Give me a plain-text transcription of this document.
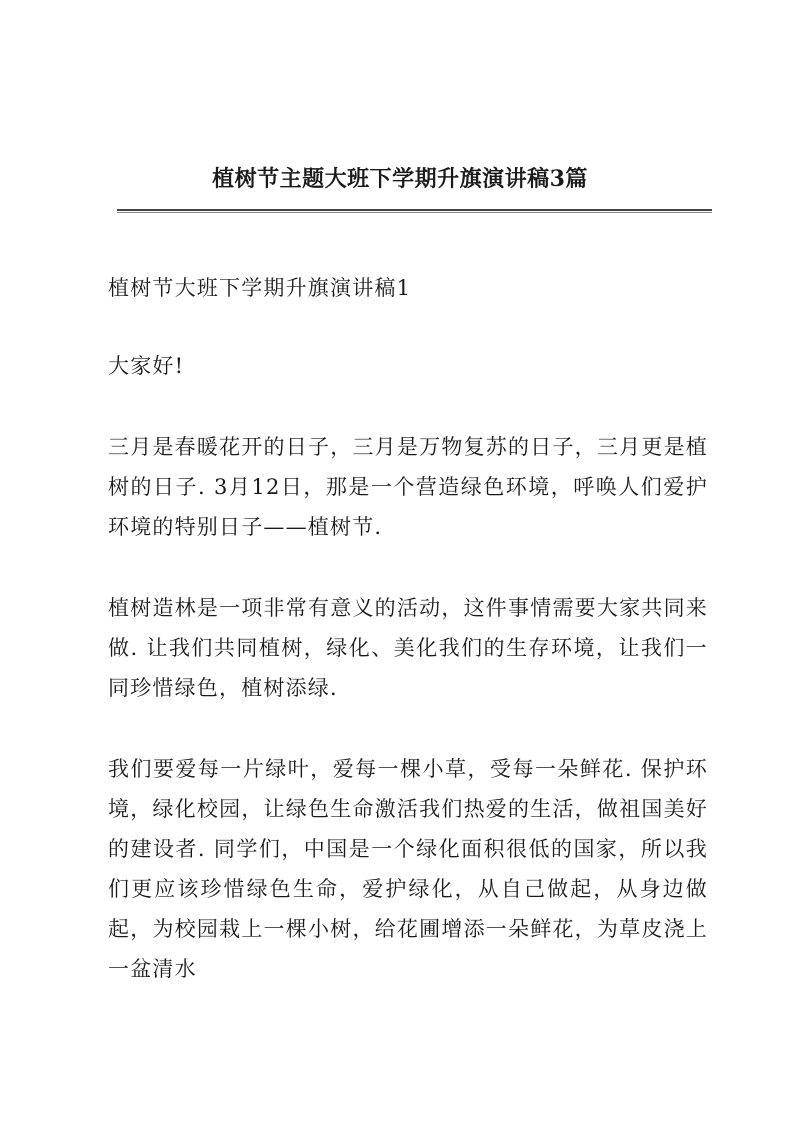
植树节主题大班下学期升旗演讲稿3篇

植树节大班下学期升旗演讲稿1

大家好!

三月是春暖花开的日子，三月是万物复苏的日子，三月更是植树的日子. 3月12日，那是一个营造绿色环境，呼唤人们爱护环境的特别日子——植树节.

植树造林是一项非常有意义的活动，这件事情需要大家共同来做. 让我们共同植树，绿化、美化我们的生存环境，让我们一同珍惜绿色，植树添绿.

我们要爱每一片绿叶，爱每一棵小草，受每一朵鲜花. 保护环境，绿化校园，让绿色生命激活我们热爱的生活，做祖国美好的建设者. 同学们，中国是一个绿化面积很低的国家，所以我们更应该珍惜绿色生命，爱护绿化，从自己做起，从身边做起，为校园栽上一棵小树，给花圃增添一朵鲜花，为草皮浇上一盆清水
